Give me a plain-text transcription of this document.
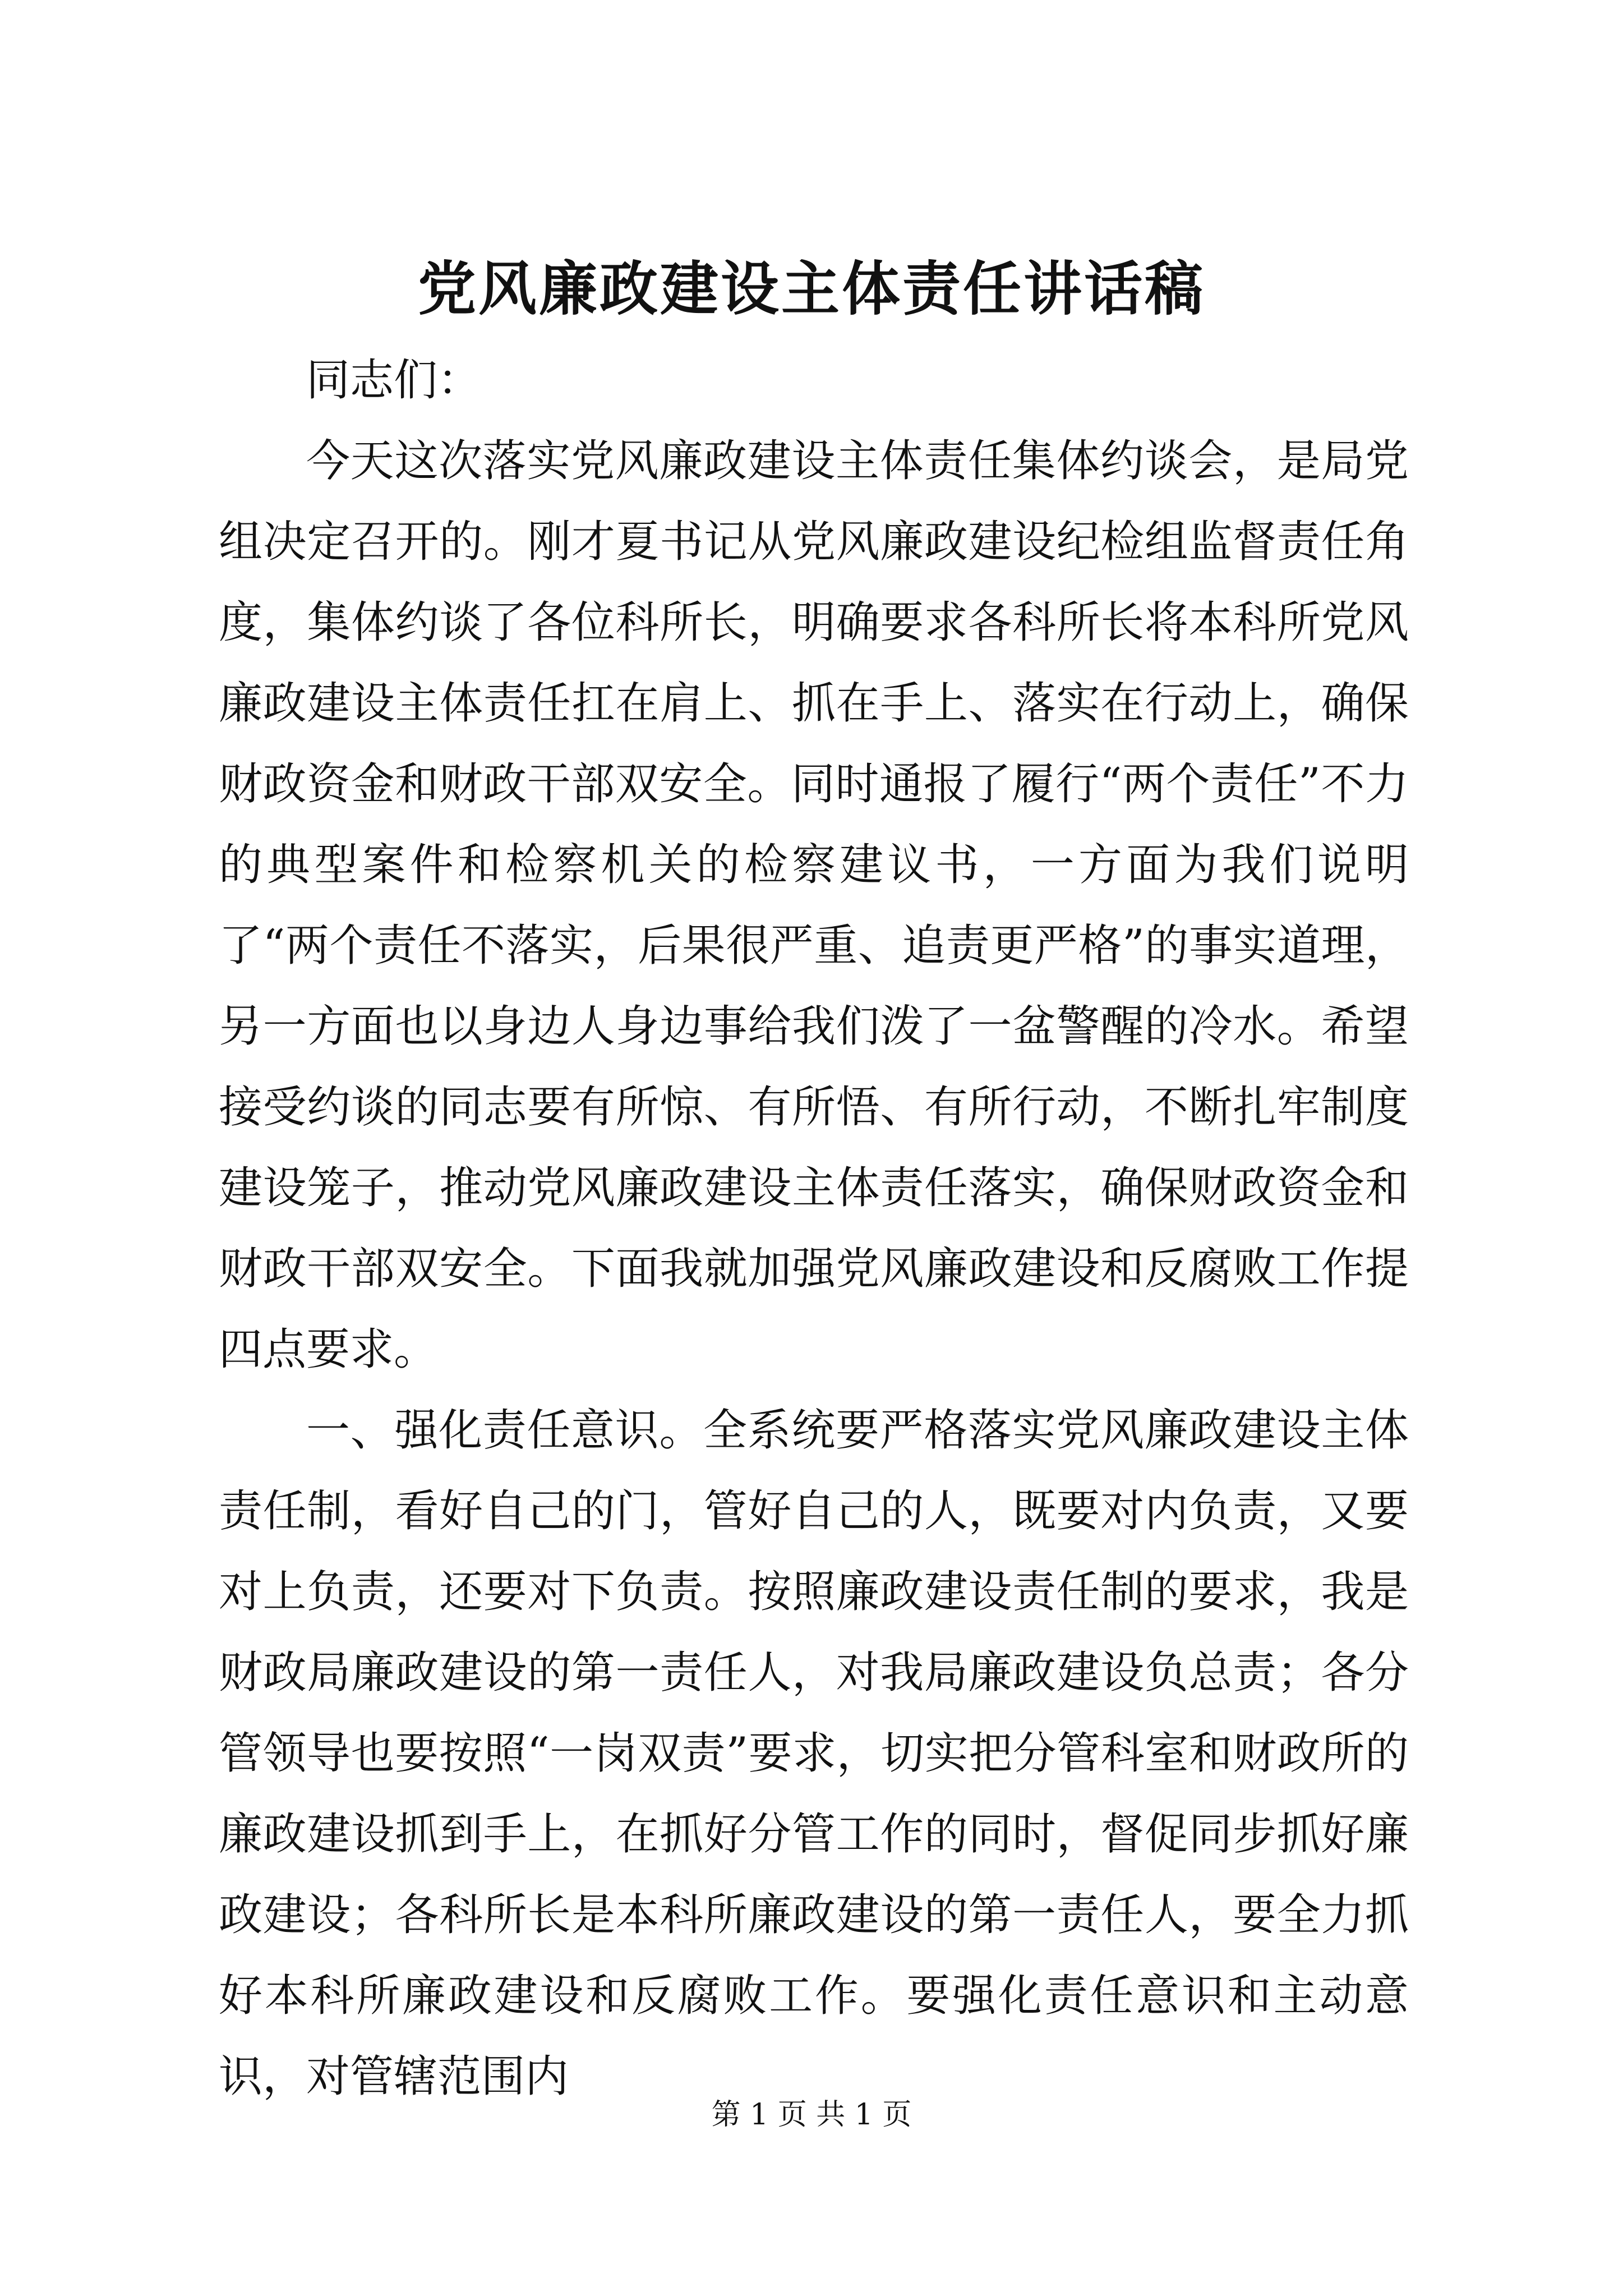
党风廉政建设主体责任讲话稿

同志们：

今天这次落实党风廉政建设主体责任集体约谈会，是局党组决定召开的。刚才夏书记从党风廉政建设纪检组监督责任角度，集体约谈了各位科所长，明确要求各科所长将本科所党风廉政建设主体责任扛在肩上、抓在手上、落实在行动上，确保财政资金和财政干部双安全。同时通报了履行“两个责任”不力的典型案件和检察机关的检察建议书，一方面为我们说明了“两个责任不落实，后果很严重、追责更严格”的事实道理，另一方面也以身边人身边事给我们泼了一盆警醒的冷水。希望接受约谈的同志要有所惊、有所悟、有所行动，不断扎牢制度建设笼子，推动党风廉政建设主体责任落实，确保财政资金和财政干部双安全。下面我就加强党风廉政建设和反腐败工作提四点要求。

一、强化责任意识。全系统要严格落实党风廉政建设主体责任制，看好自己的门，管好自己的人，既要对内负责，又要对上负责，还要对下负责。按照廉政建设责任制的要求，我是财政局廉政建设的第一责任人，对我局廉政建设负总责；各分管领导也要按照“一岗双责”要求，切实把分管科室和财政所的廉政建设抓到手上，在抓好分管工作的同时，督促同步抓好廉政建设；各科所长是本科所廉政建设的第一责任人，要全力抓好本科所廉政建设和反腐败工作。要强化责任意识和主动意识，对管辖范围内

第 1 页 共 1 页
